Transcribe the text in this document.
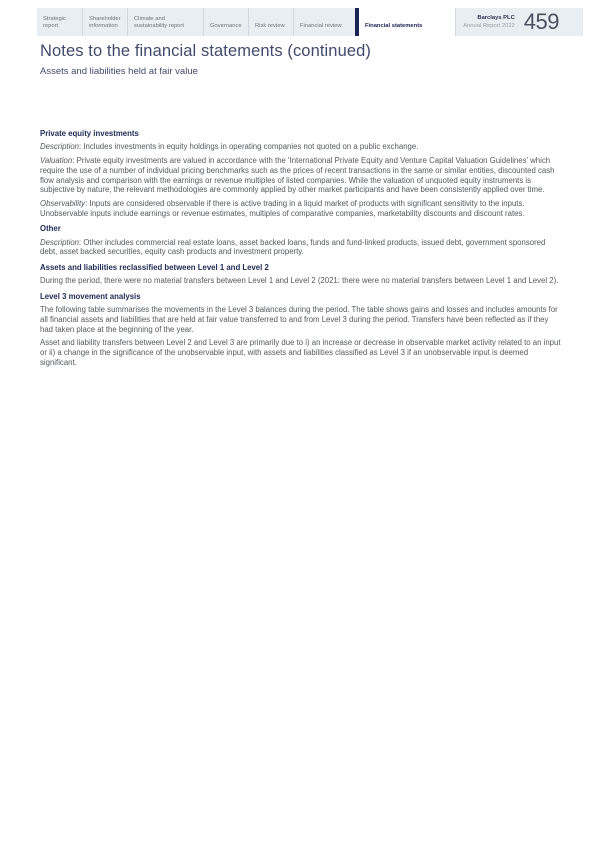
Strategic report
Shareholder information
Climate and sustainability report	Governance Risk review	Financial review	Financial statements
Barclays PLC
Annual Report 2022 459
Notes to the financial statements (continued)
Assets and liabilities held at fair value
Private equity investments

Description: Includes investments in equity holdings in operating companies not quoted on a public exchange.

Valuation: Private equity investments are valued in accordance with the 'International Private Equity and Venture Capital Valuation Guidelines' which require the use of a number of individual pricing benchmarks such as the prices of recent transactions in the same or similar entities, discounted cash flow analysis and comparison with the earnings or revenue multiples of listed companies. While the valuation of unquoted equity instruments is subjective by nature, the relevant methodologies are commonly applied by other market participants and have been consistently applied over time.

Observability: Inputs are considered observable if there is active trading in a liquid market of products with significant sensitivity to the inputs. Unobservable inputs include earnings or revenue estimates, multiples of comparative companies, marketability discounts and discount rates.

Other

Description: Other includes commercial real estate loans, asset backed loans, funds and fund-linked products, issued debt, government sponsored debt, asset backed securities, equity cash products and investment property.

Assets and liabilities reclassified between Level 1 and Level 2

During the period, there were no material transfers between Level 1 and Level 2 (2021: there were no material transfers between Level 1 and Level 2).

Level 3 movement analysis

The following table summarises the movements in the Level 3 balances during the period. The table shows gains and losses and includes amounts for all financial assets and liabilities that are held at fair value transferred to and from Level 3 during the period. Transfers have been reflected as if they had taken place at the beginning of the year.

Asset and liability transfers between Level 2 and Level 3 are primarily due to i) an increase or decrease in observable market activity related to an input or ii) a change in the significance of the unobservable input, with assets and liabilities classified as Level 3 if an unobservable input is deemed significant.
